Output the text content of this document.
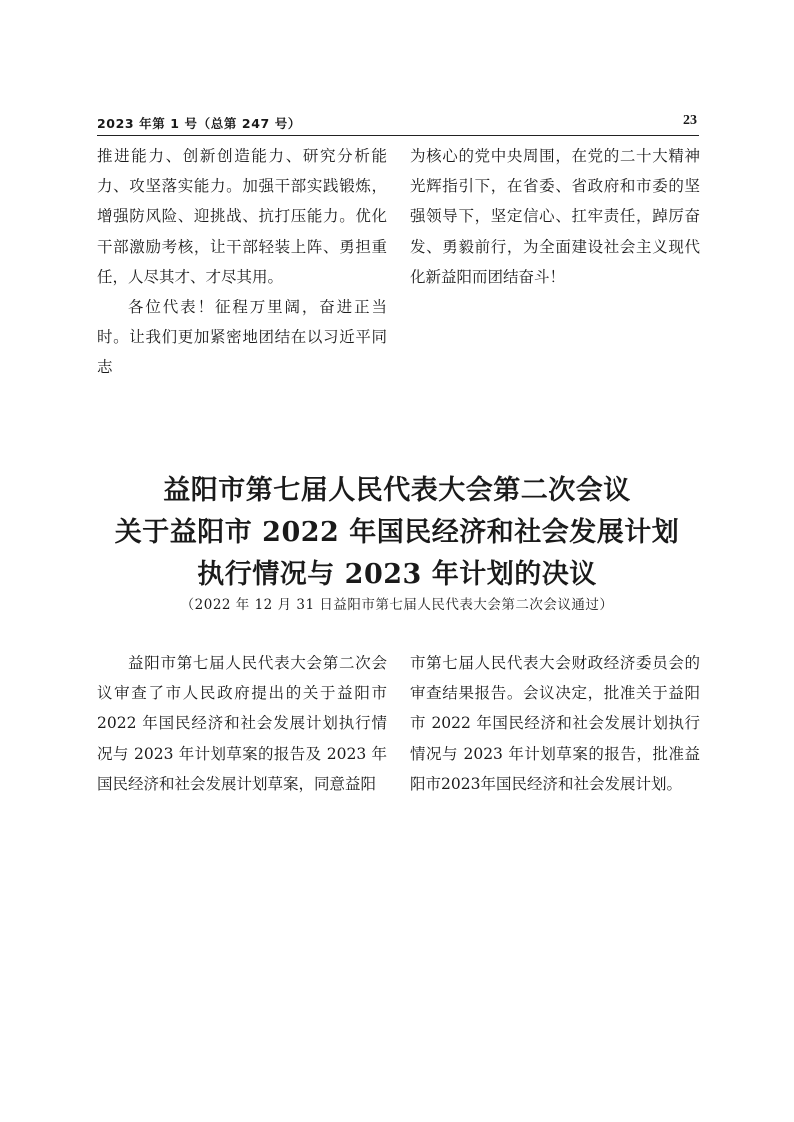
2023 年第 1 号（总第 247 号）	23

推进能力、创新创造能力、研究分析能力、攻坚落实能力。加强干部实践锻炼，增强防风险、迎挑战、抗打压能力。优化干部激励考核，让干部轻装上阵、勇担重任，人尽其才、才尽其用。

各位代表！征程万里阔，奋进正当时。让我们更加紧密地团结在以习近平同志

为核心的党中央周围，在党的二十大精神光辉指引下，在省委、省政府和市委的坚强领导下，坚定信心、扛牢责任，踔厉奋发、勇毅前行，为全面建设社会主义现代化新益阳而团结奋斗！

益阳市第七届人民代表大会第二次会议
关于益阳市 2022 年国民经济和社会发展计划
执行情况与 2023 年计划的决议
（2022 年 12 月 31 日益阳市第七届人民代表大会第二次会议通过）

益阳市第七届人民代表大会第二次会议审查了市人民政府提出的关于益阳市 2022 年国民经济和社会发展计划执行情况与 2023 年计划草案的报告及 2023 年国民经济和社会发展计划草案，同意益阳

市第七届人民代表大会财政经济委员会的审查结果报告。会议决定，批准关于益阳市 2022 年国民经济和社会发展计划执行情况与 2023 年计划草案的报告，批准益阳市2023年国民经济和社会发展计划。
